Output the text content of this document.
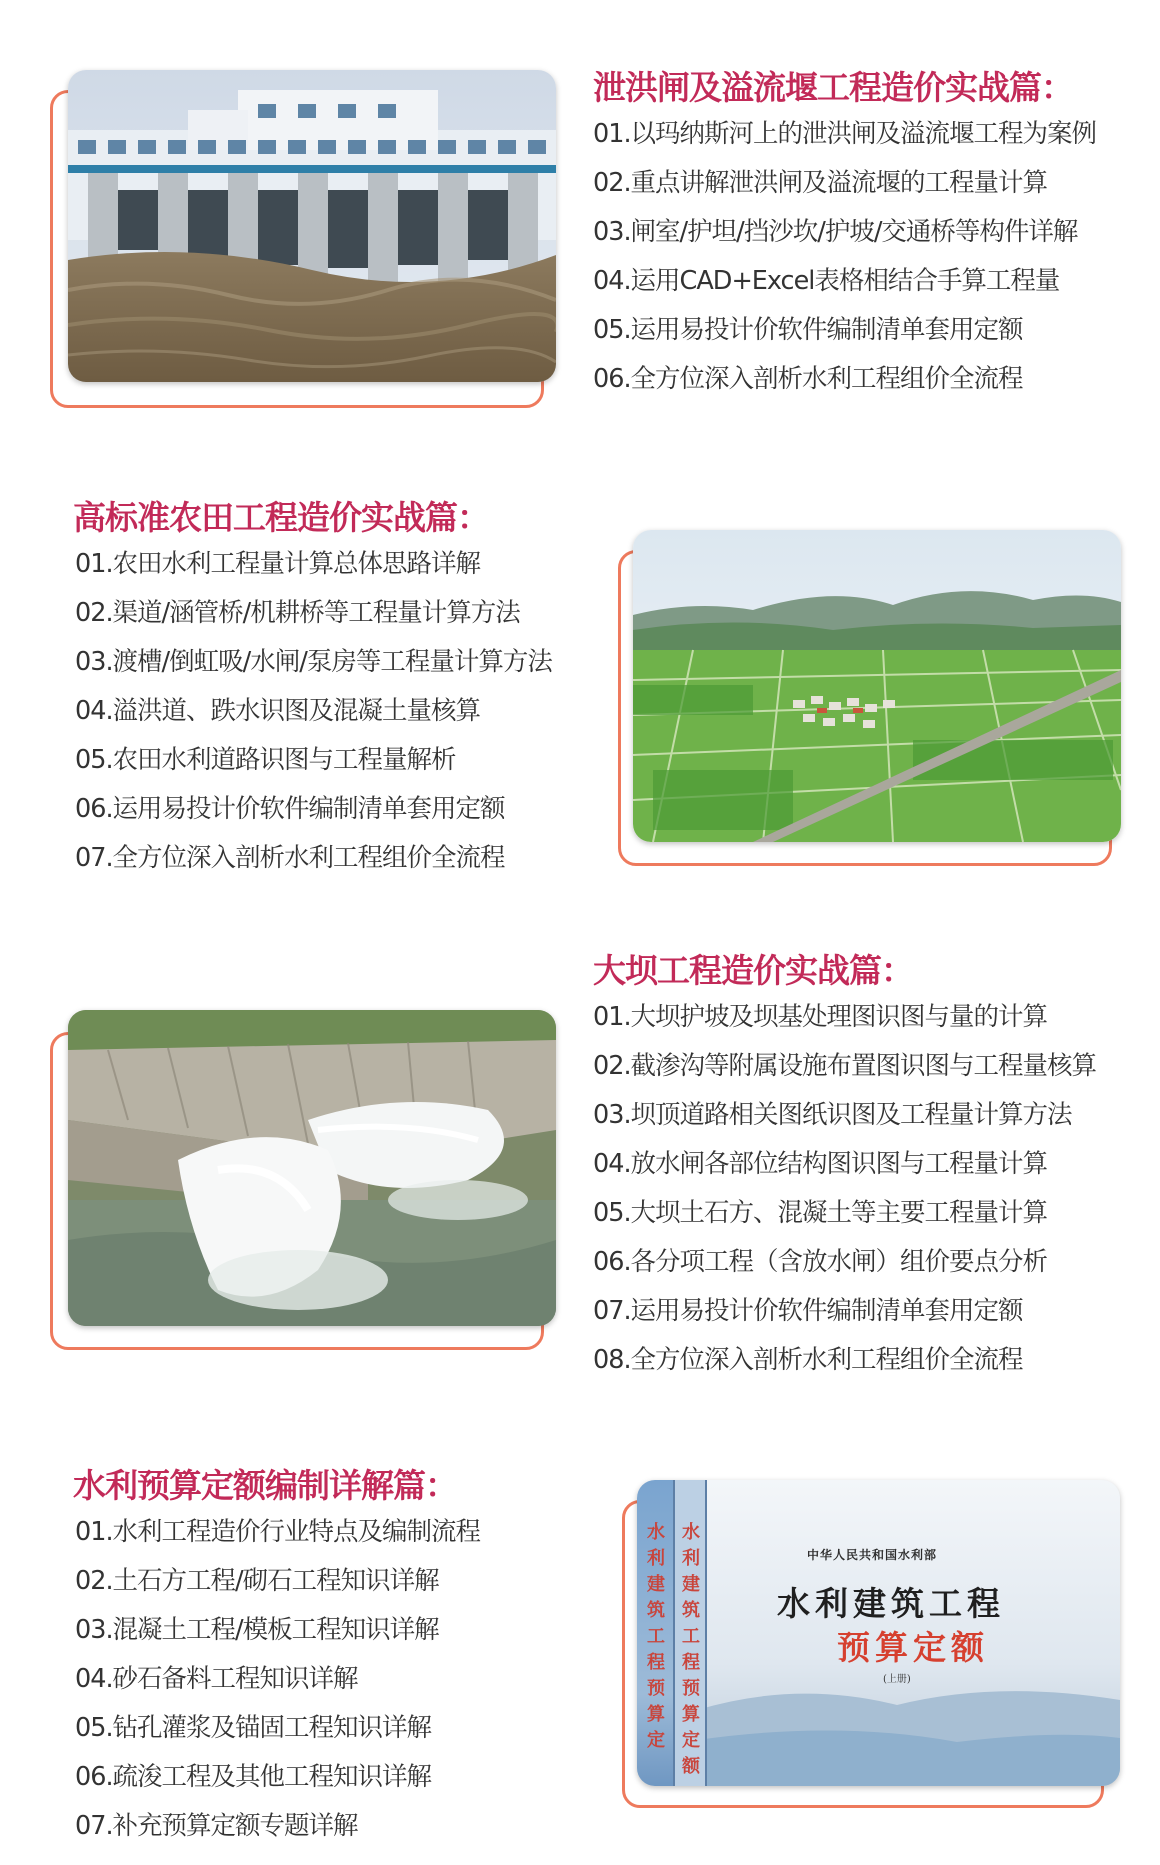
泄洪闸及溢流堰工程造价实战篇：
01.以玛纳斯河上的泄洪闸及溢流堰工程为案例
02.重点讲解泄洪闸及溢流堰的工程量计算
03.闸室/护坦/挡沙坎/护坡/交通桥等构件详解
04.运用CAD+Excel表格相结合手算工程量
05.运用易投计价软件编制清单套用定额
06.全方位深入剖析水利工程组价全流程
高标准农田工程造价实战篇：
01.农田水利工程量计算总体思路详解
02.渠道/涵管桥/机耕桥等工程量计算方法
03.渡槽/倒虹吸/水闸/泵房等工程量计算方法
04.溢洪道、跌水识图及混凝土量核算
05.农田水利道路识图与工程量解析
06.运用易投计价软件编制清单套用定额
07.全方位深入剖析水利工程组价全流程
大坝工程造价实战篇：
01.大坝护坡及坝基处理图识图与量的计算
02.截渗沟等附属设施布置图识图与工程量核算
03.坝顶道路相关图纸识图及工程量计算方法
04.放水闸各部位结构图识图与工程量计算
05.大坝土石方、混凝土等主要工程量计算
06.各分项工程（含放水闸）组价要点分析
07.运用易投计价软件编制清单套用定额
08.全方位深入剖析水利工程组价全流程
水利预算定额编制详解篇：
01.水利工程造价行业特点及编制流程
02.土石方工程/砌石工程知识详解
03.混凝土工程/模板工程知识详解
04.砂石备料工程知识详解
05.钻孔灌浆及锚固工程知识详解
06.疏浚工程及其他工程知识详解
07.补充预算定额专题详解
水
利
建
筑
工
程
预
算
定
水
利
建
筑
工
程
预
算
定
额
中华人民共和国水利部
水利建筑工程
预算定额
(上册)
